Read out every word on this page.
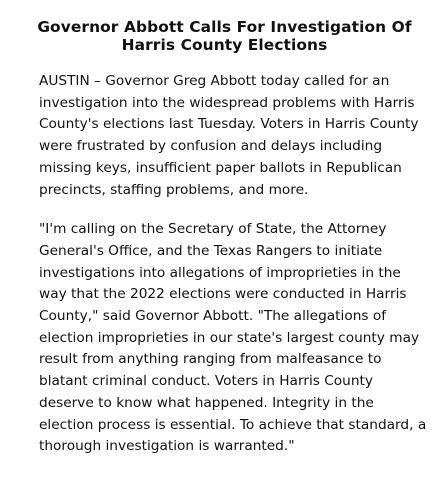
Governor Abbott Calls For Investigation Of Harris County Elections

AUSTIN – Governor Greg Abbott today called for an investigation into the widespread problems with Harris County's elections last Tuesday. Voters in Harris County were frustrated by confusion and delays including missing keys, insufficient paper ballots in Republican precincts, staffing problems, and more.

"I'm calling on the Secretary of State, the Attorney General's Office, and the Texas Rangers to initiate investigations into allegations of improprieties in the way that the 2022 elections were conducted in Harris County," said Governor Abbott. "The allegations of election improprieties in our state's largest county may result from anything ranging from malfeasance to blatant criminal conduct. Voters in Harris County deserve to know what happened. Integrity in the election process is essential. To achieve that standard, a thorough investigation is warranted."
